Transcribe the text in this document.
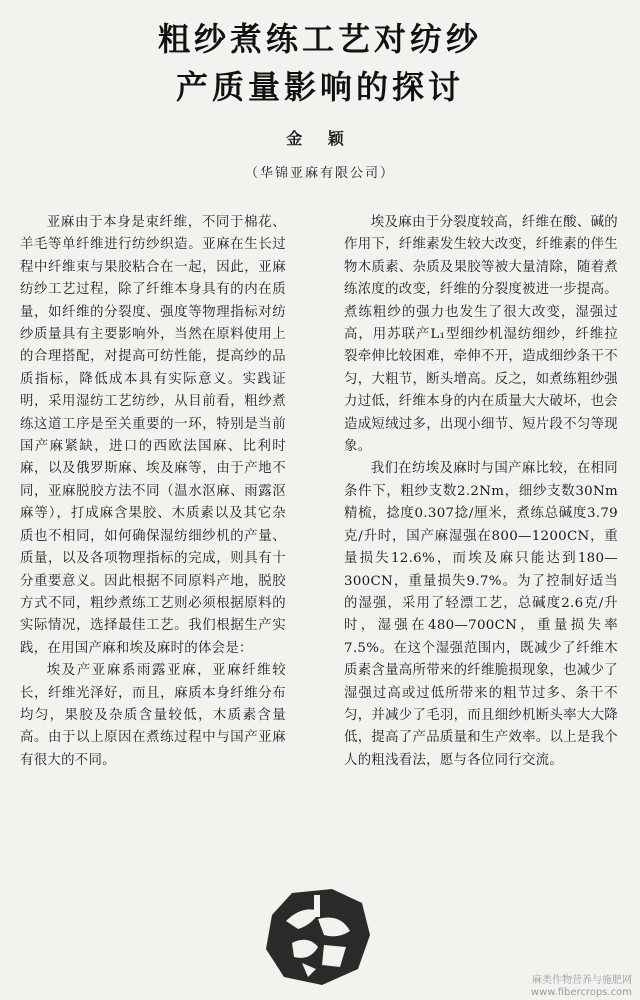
粗纱煮练工艺对纺纱
产质量影响的探讨
金 颖
（华锦亚麻有限公司）

亚麻由于本身是束纤维，不同于棉花、羊毛等单纤维进行纺纱织造。亚麻在生长过程中纤维束与果胶粘合在一起，因此，亚麻纺纱工艺过程，除了纤维本身具有的内在质量，如纤维的分裂度、强度等物理指标对纺纱质量具有主要影响外，当然在原料使用上的合理搭配，对提高可纺性能，提高纱的品质指标，降低成本具有实际意义。实践证明，采用湿纺工艺纺纱，从目前看，粗纱煮练这道工序是至关重要的一环，特别是当前国产麻紧缺，进口的西欧法国麻、比利时麻，以及俄罗斯麻、埃及麻等，由于产地不同，亚麻脱胶方法不同（温水沤麻、雨露沤麻等），打成麻含果胶、木质素以及其它杂质也不相同，如何确保湿纺细纱机的产量、质量，以及各项物理指标的完成，则具有十分重要意义。因此根据不同原料产地，脱胶方式不同，粗纱煮练工艺则必须根据原料的实际情况，选择最佳工艺。我们根据生产实践，在用国产麻和埃及麻时的体会是：

埃及产亚麻系雨露亚麻，亚麻纤维较长，纤维光泽好，而且，麻质本身纤维分布均匀，果胶及杂质含量较低，木质素含量高。由于以上原因在煮练过程中与国产亚麻有很大的不同。

埃及麻由于分裂度较高，纤维在酸、碱的作用下，纤维素发生较大改变，纤维素的伴生物木质素、杂质及果胶等被大量清除，随着煮练浓度的改变，纤维的分裂度被进一步提高。煮练粗纱的强力也发生了很大改变，湿强过高，用苏联产L₁型细纱机湿纺细纱，纤维拉裂牵伸比较困难，牵伸不开，造成细纱条干不匀，大粗节，断头增高。反之，如煮练粗纱强力过低，纤维本身的内在质量大大破坏，也会造成短绒过多，出现小细节、短片段不匀等现象。

我们在纺埃及麻时与国产麻比较，在相同条件下，粗纱支数2.2Nm，细纱支数30Nm 精梳，捻度0.307捻/厘米，煮练总碱度3.79克/升时，国产麻湿强在800—1200CN，重量损失12.6%，而埃及麻只能达到180—300CN，重量损失9.7%。为了控制好适当的湿强，采用了轻漂工艺，总碱度2.6克/升时，湿强在480—700CN，重量损失率7.5%。在这个湿强范围内，既减少了纤维木质素含量高所带来的纤维脆损现象，也减少了湿强过高或过低所带来的粗节过多、条干不匀，并减少了毛羽，而且细纱机断头率大大降低，提高了产品质量和生产效率。以上是我个人的粗浅看法，愿与各位同行交流。

麻类作物营养与施肥网
www.fibercrops.com
